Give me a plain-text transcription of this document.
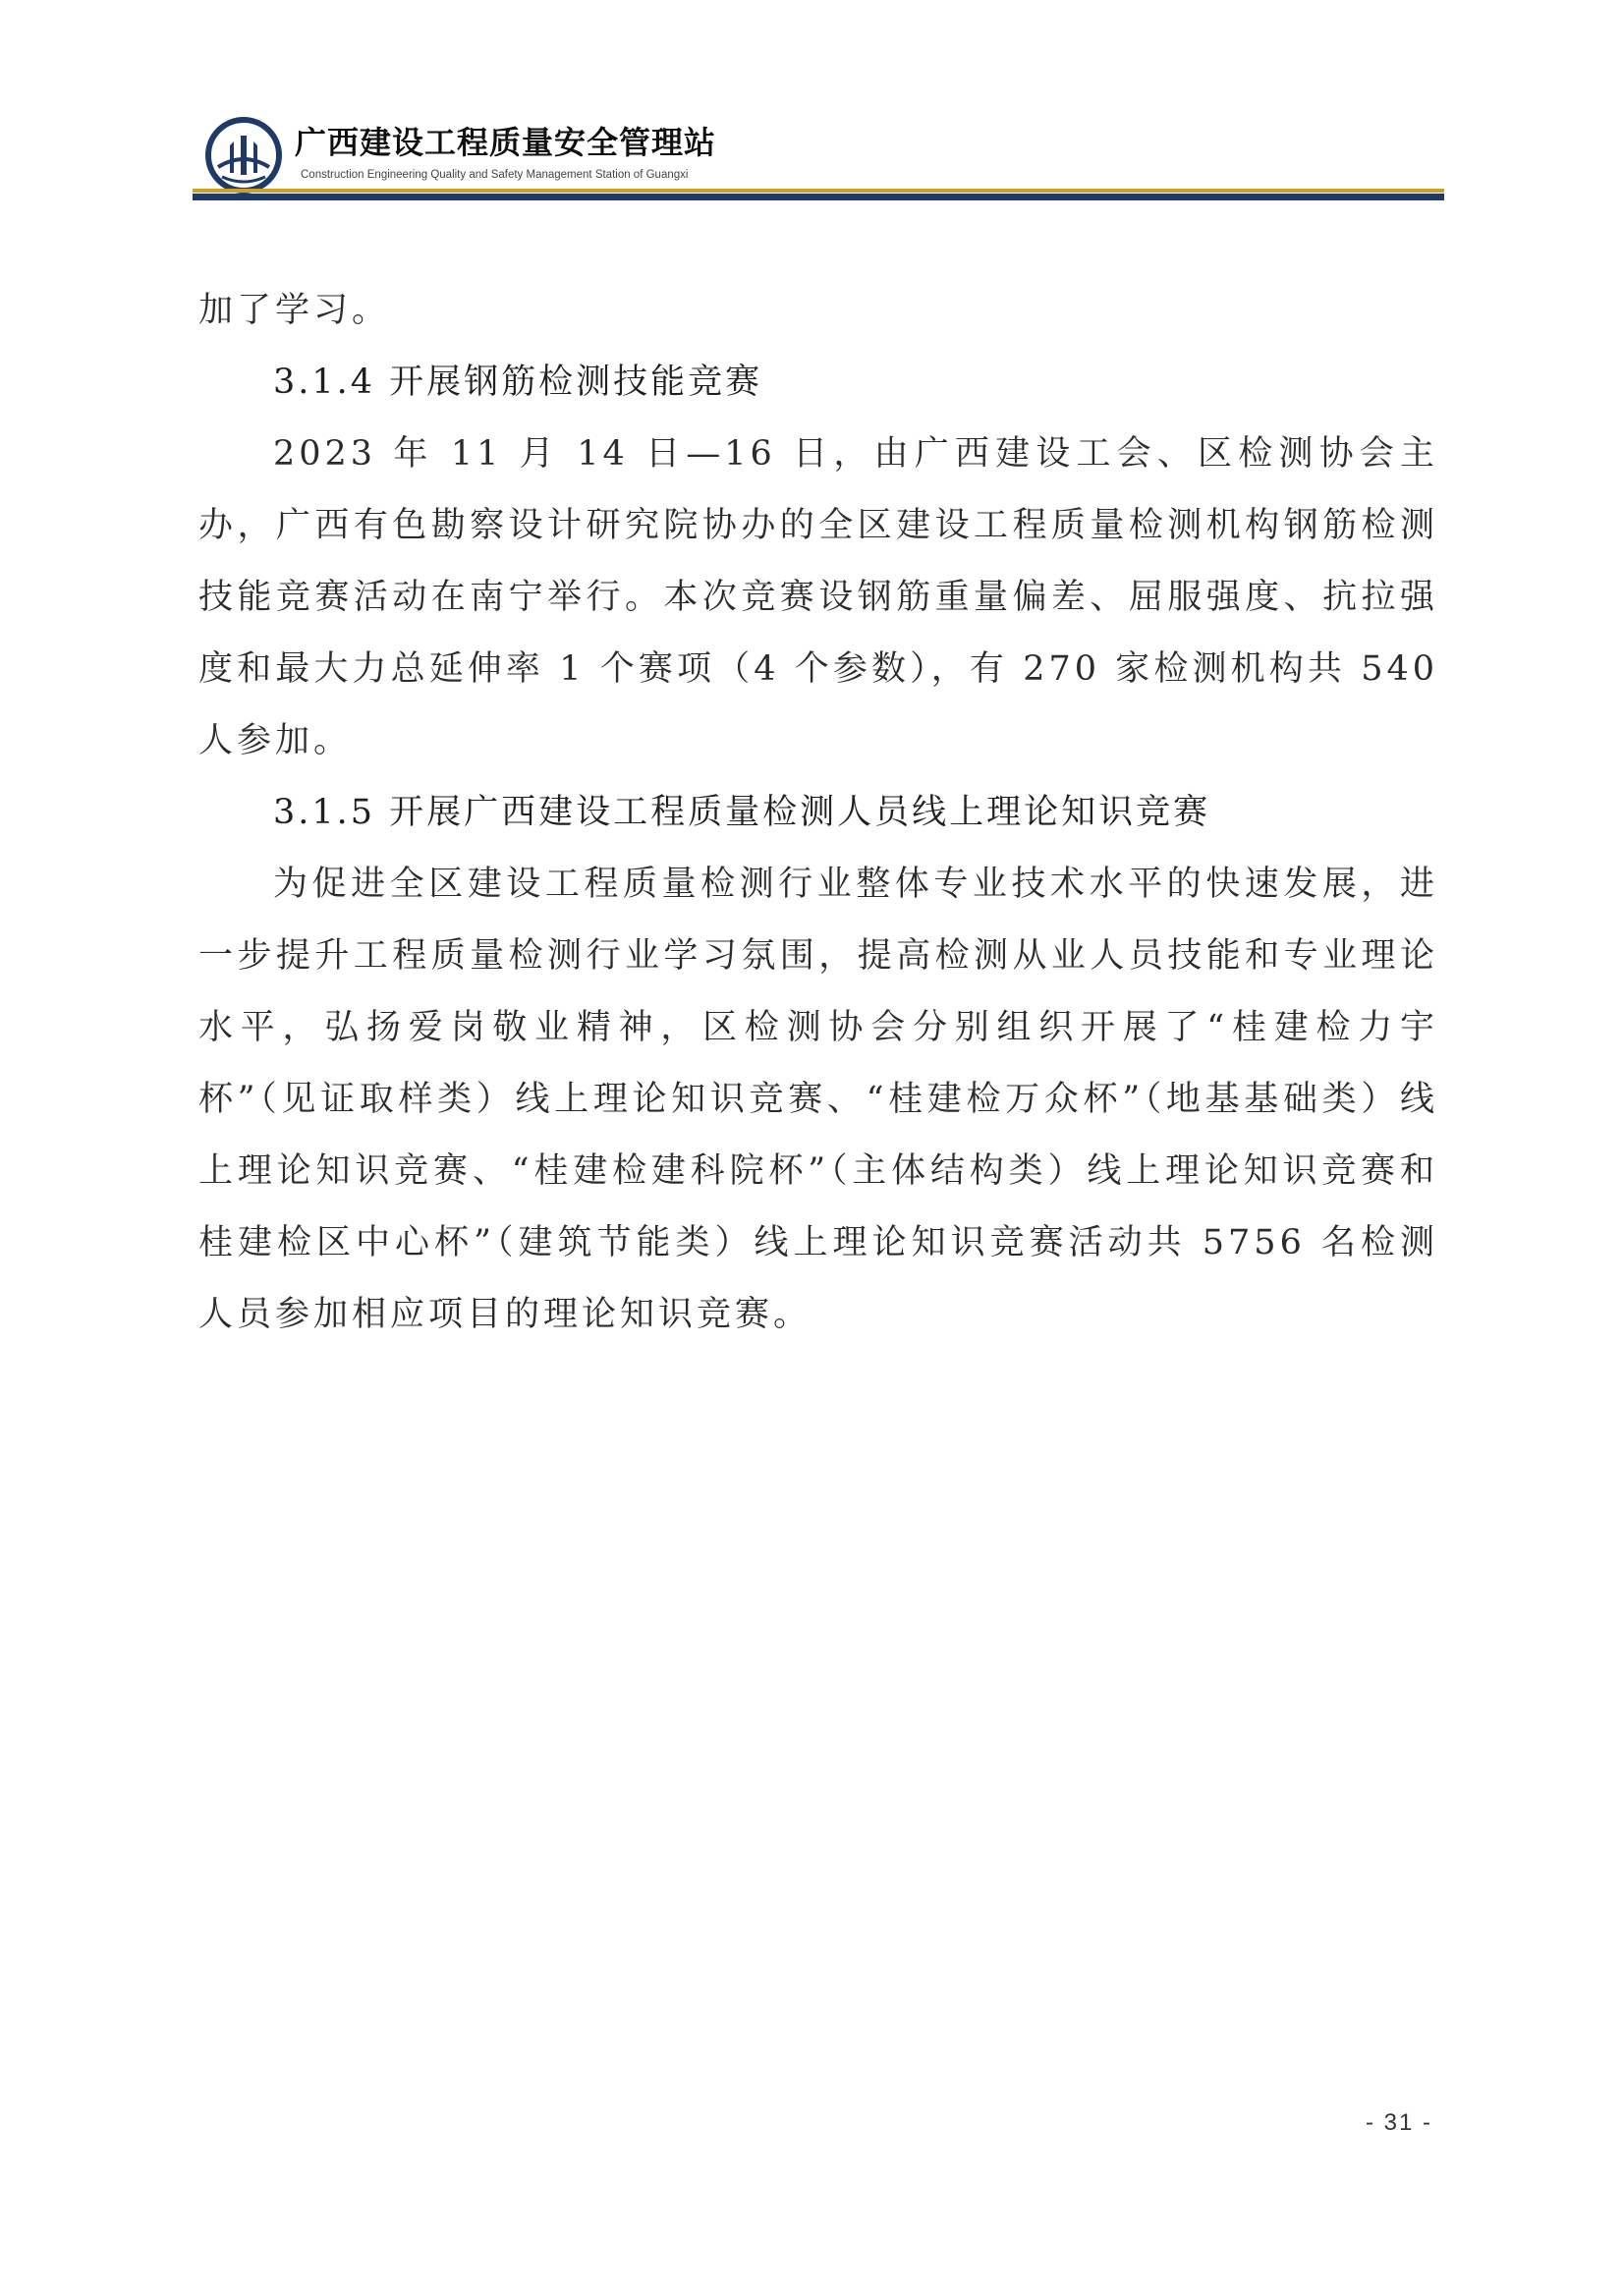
广西建设工程质量安全管理站
Construction Engineering Quality and Safety Management Station of Guangxi

加了学习。

3.1.4 开展钢筋检测技能竞赛

2023 年 11 月 14 日—16 日，由广西建设工会、区检测协会主办，广西有色勘察设计研究院协办的全区建设工程质量检测机构钢筋检测技能竞赛活动在南宁举行。本次竞赛设钢筋重量偏差、屈服强度、抗拉强度和最大力总延伸率 1 个赛项（4 个参数），有 270 家检测机构共 540 人参加。

3.1.5 开展广西建设工程质量检测人员线上理论知识竞赛

为促进全区建设工程质量检测行业整体专业技术水平的快速发展，进一步提升工程质量检测行业学习氛围，提高检测从业人员技能和专业理论水平，弘扬爱岗敬业精神，区检测协会分别组织开展了“桂建检力宇杯”（见证取样类）线上理论知识竞赛、“桂建检万众杯”（地基基础类）线上理论知识竞赛、“桂建检建科院杯”（主体结构类）线上理论知识竞赛和桂建检区中心杯”（建筑节能类）线上理论知识竞赛活动共 5756 名检测人员参加相应项目的理论知识竞赛。

- 31 -
